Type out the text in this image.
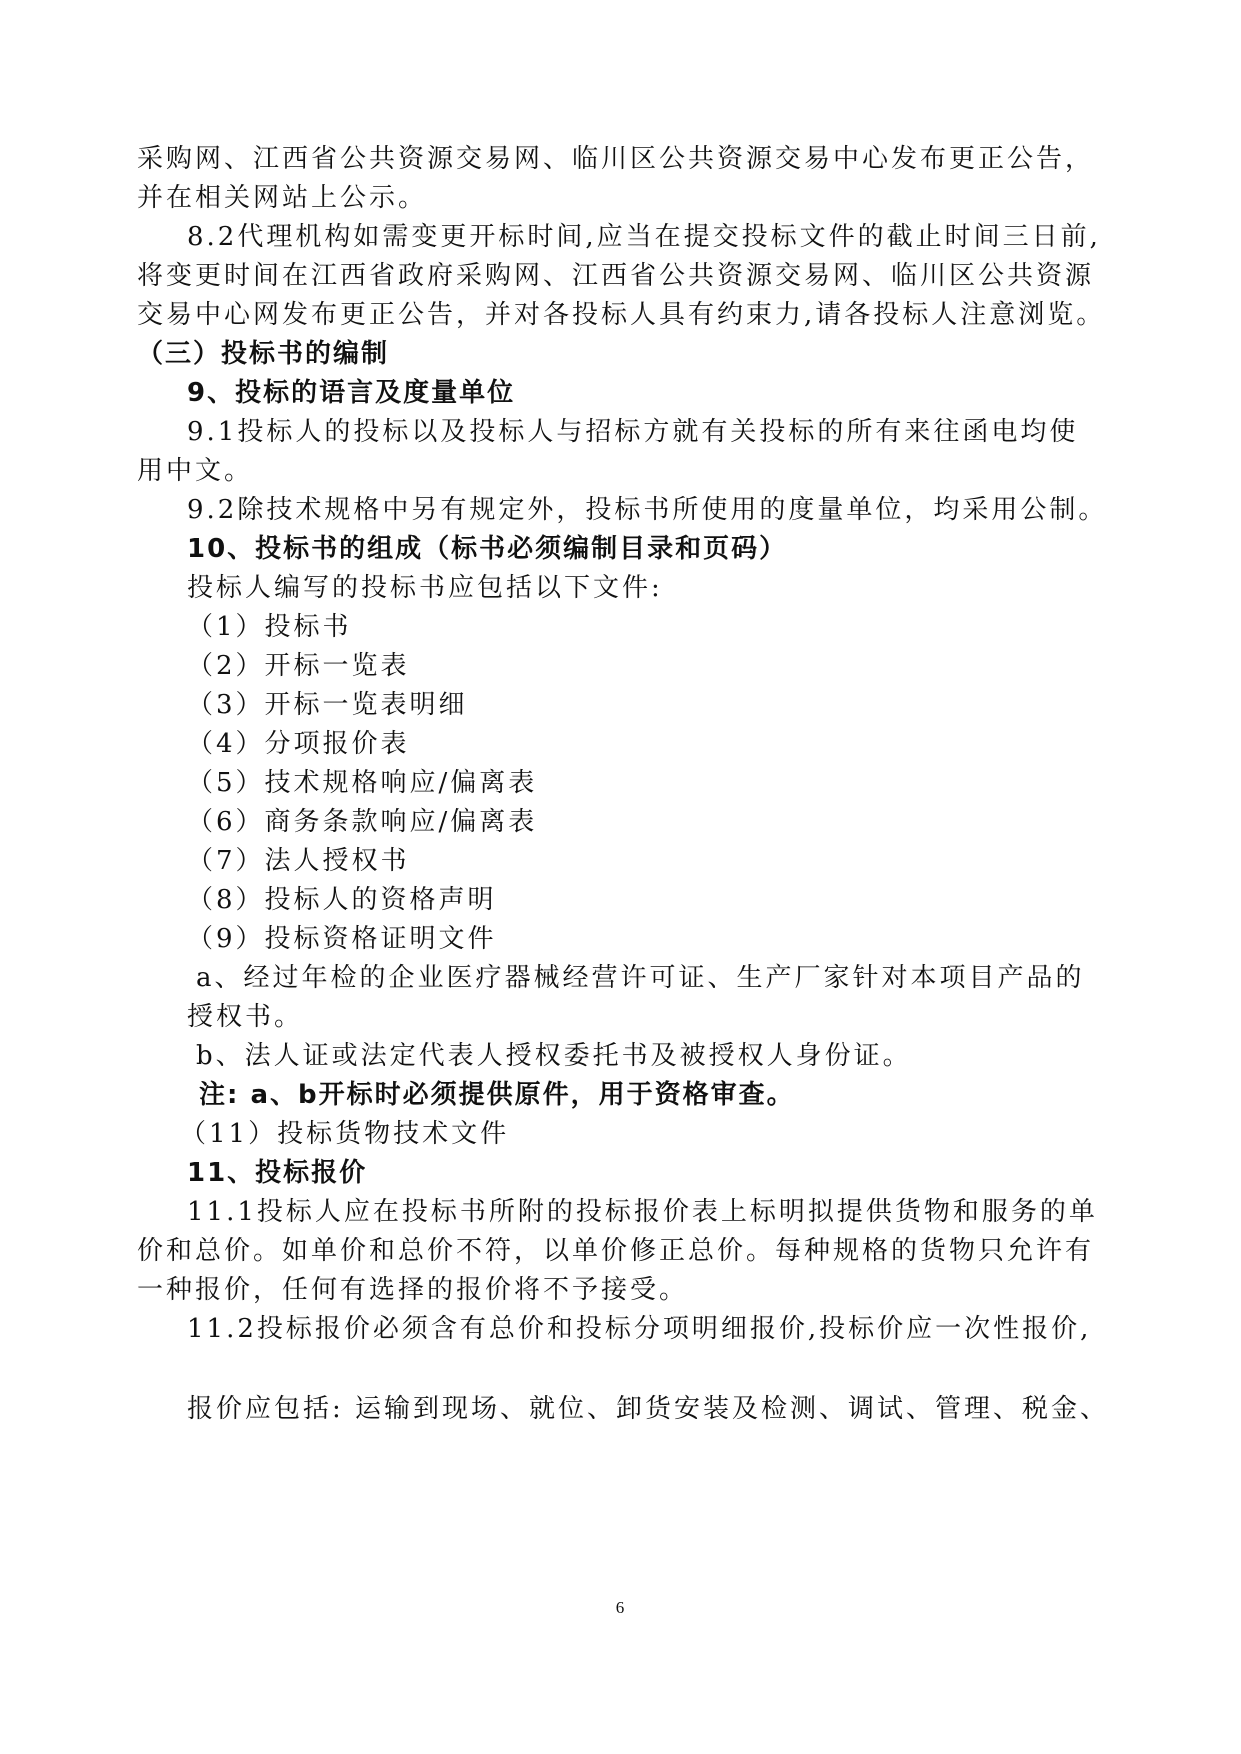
采购网、江西省公共资源交易网、临川区公共资源交易中心发布更正公告，
并在相关网站上公示。
8.2代理机构如需变更开标时间,应当在提交投标文件的截止时间三日前,
将变更时间在江西省政府采购网、江西省公共资源交易网、临川区公共资源
交易中心网发布更正公告，并对各投标人具有约束力,请各投标人注意浏览。
（三）投标书的编制
9、投标的语言及度量单位
9.1投标人的投标以及投标人与招标方就有关投标的所有来往函电均使
用中文。
9.2除技术规格中另有规定外，投标书所使用的度量单位，均采用公制。
10、投标书的组成（标书必须编制目录和页码）
投标人编写的投标书应包括以下文件:
（1）投标书
（2）开标一览表
（3）开标一览表明细
（4）分项报价表
（5）技术规格响应/偏离表
（6）商务条款响应/偏离表
（7）法人授权书
（8）投标人的资格声明
（9）投标资格证明文件
a、经过年检的企业医疗器械经营许可证、生产厂家针对本项目产品的
授权书。
b、法人证或法定代表人授权委托书及被授权人身份证。
注: a、b开标时必须提供原件，用于资格审查。
（11）投标货物技术文件
11、投标报价
11.1投标人应在投标书所附的投标报价表上标明拟提供货物和服务的单
价和总价。如单价和总价不符，以单价修正总价。每种规格的货物只允许有
一种报价，任何有选择的报价将不予接受。
11.2投标报价必须含有总价和投标分项明细报价,投标价应一次性报价,
报价应包括: 运输到现场、就位、卸货安装及检测、调试、管理、税金、
6
